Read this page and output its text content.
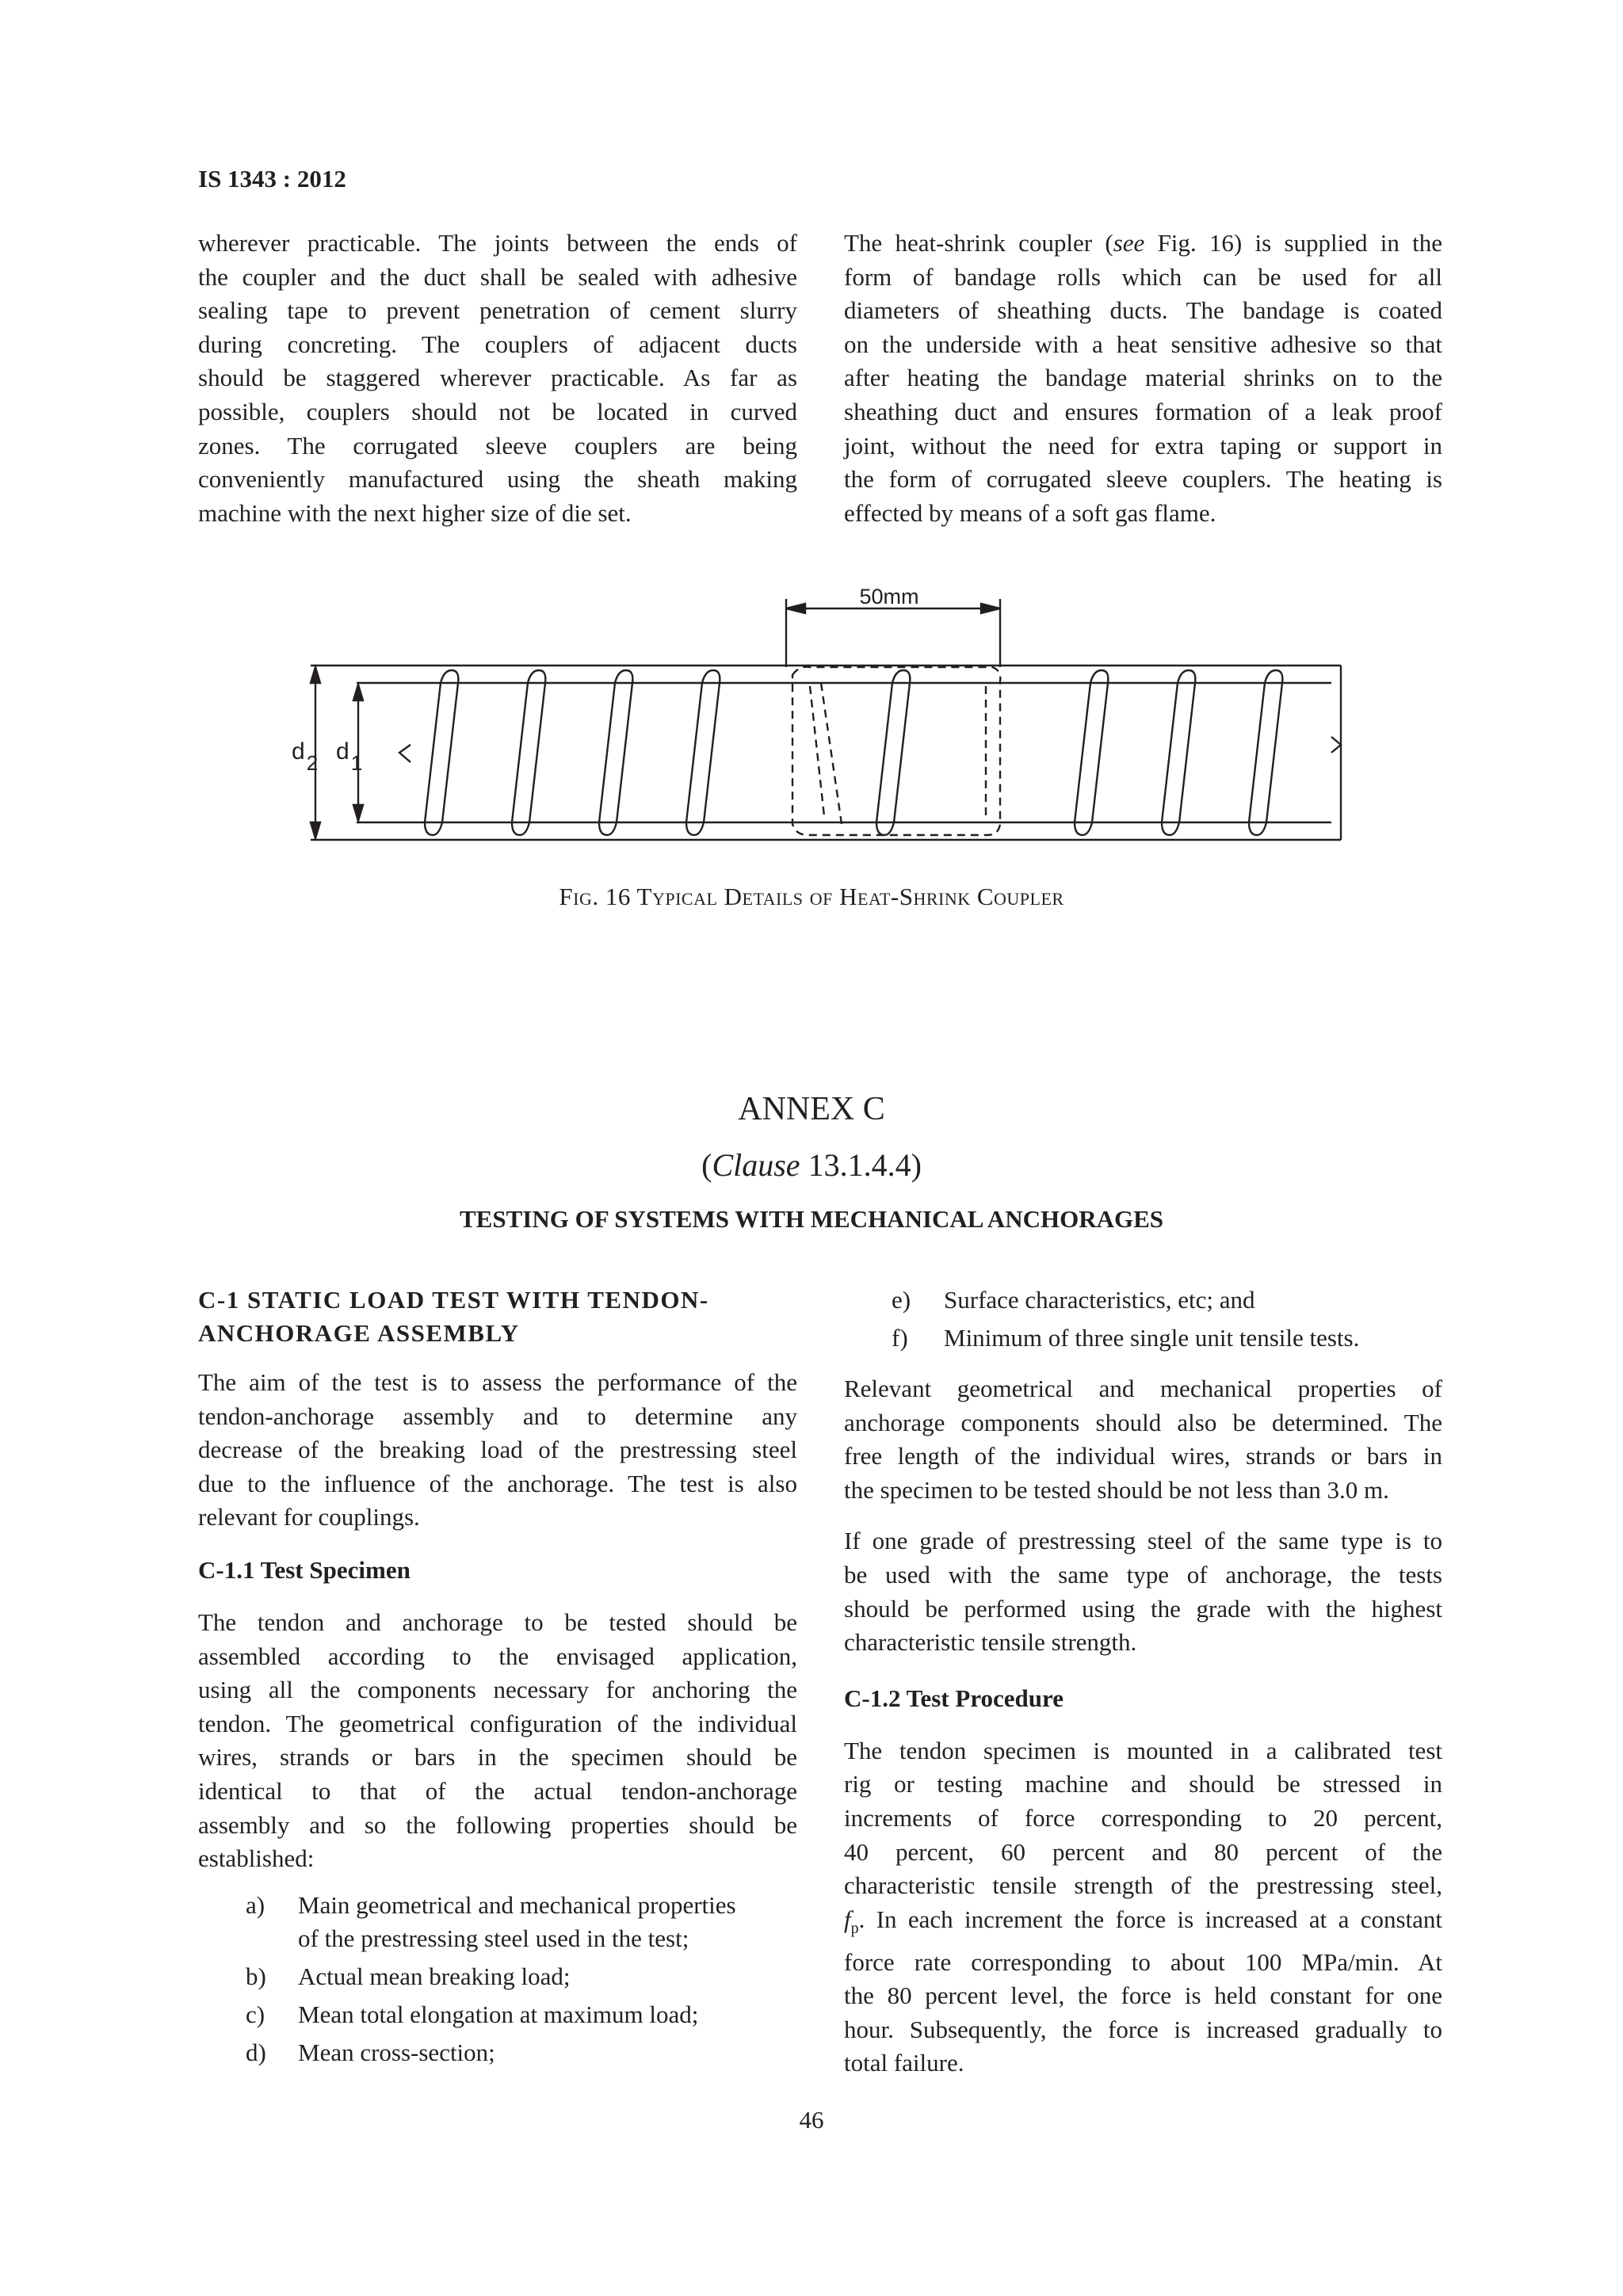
IS 1343 : 2012
wherever practicable. The joints between the ends of
the coupler and the duct shall be sealed with adhesive
sealing tape to prevent penetration of cement slurry
during concreting. The couplers of adjacent ducts
should be staggered wherever practicable. As far as
possible, couplers should not be located in curved
zones. The corrugated sleeve couplers are being
conveniently manufactured using the sheath making
machine with the next higher size of die set.
The heat-shrink coupler (see Fig. 16) is supplied in the
form of bandage rolls which can be used for all
diameters of sheathing ducts. The bandage is coated
on the underside with a heat sensitive adhesive so that
after heating the bandage material shrinks on to the
sheathing duct and ensures formation of a leak proof
joint, without the need for extra taping or support in
the form of corrugated sleeve couplers. The heating is
effected by means of a soft gas flame.
50mm
d2 d1
Fig. 16 Typical Details of Heat-Shrink Coupler
ANNEX C
(Clause 13.1.4.4)
TESTING OF SYSTEMS WITH MECHANICAL ANCHORAGES
C-1 STATIC LOAD TEST WITH TENDON-
ANCHORAGE ASSEMBLY
The aim of the test is to assess the performance of the
tendon-anchorage assembly and to determine any
decrease of the breaking load of the prestressing steel
due to the influence of the anchorage. The test is also
relevant for couplings.
C-1.1 Test Specimen
The tendon and anchorage to be tested should be
assembled according to the envisaged application,
using all the components necessary for anchoring the
tendon. The geometrical configuration of the individual
wires, strands or bars in the specimen should be
identical to that of the actual tendon-anchorage
assembly and so the following properties should be
established:
a) Main geometrical and mechanical properties
of the prestressing steel used in the test;
b) Actual mean breaking load;
c) Mean total elongation at maximum load;
d) Mean cross-section;
e) Surface characteristics, etc; and
f) Minimum of three single unit tensile tests.
Relevant geometrical and mechanical properties of
anchorage components should also be determined. The
free length of the individual wires, strands or bars in
the specimen to be tested should be not less than 3.0 m.
If one grade of prestressing steel of the same type is to
be used with the same type of anchorage, the tests
should be performed using the grade with the highest
characteristic tensile strength.
C-1.2 Test Procedure
The tendon specimen is mounted in a calibrated test
rig or testing machine and should be stressed in
increments of force corresponding to 20 percent,
40 percent, 60 percent and 80 percent of the
characteristic tensile strength of the prestressing steel,
$f_p$. In each increment the force is increased at a constant
force rate corresponding to about 100 MPa/min. At
the 80 percent level, the force is held constant for one
hour. Subsequently, the force is increased gradually to
total failure.
46
